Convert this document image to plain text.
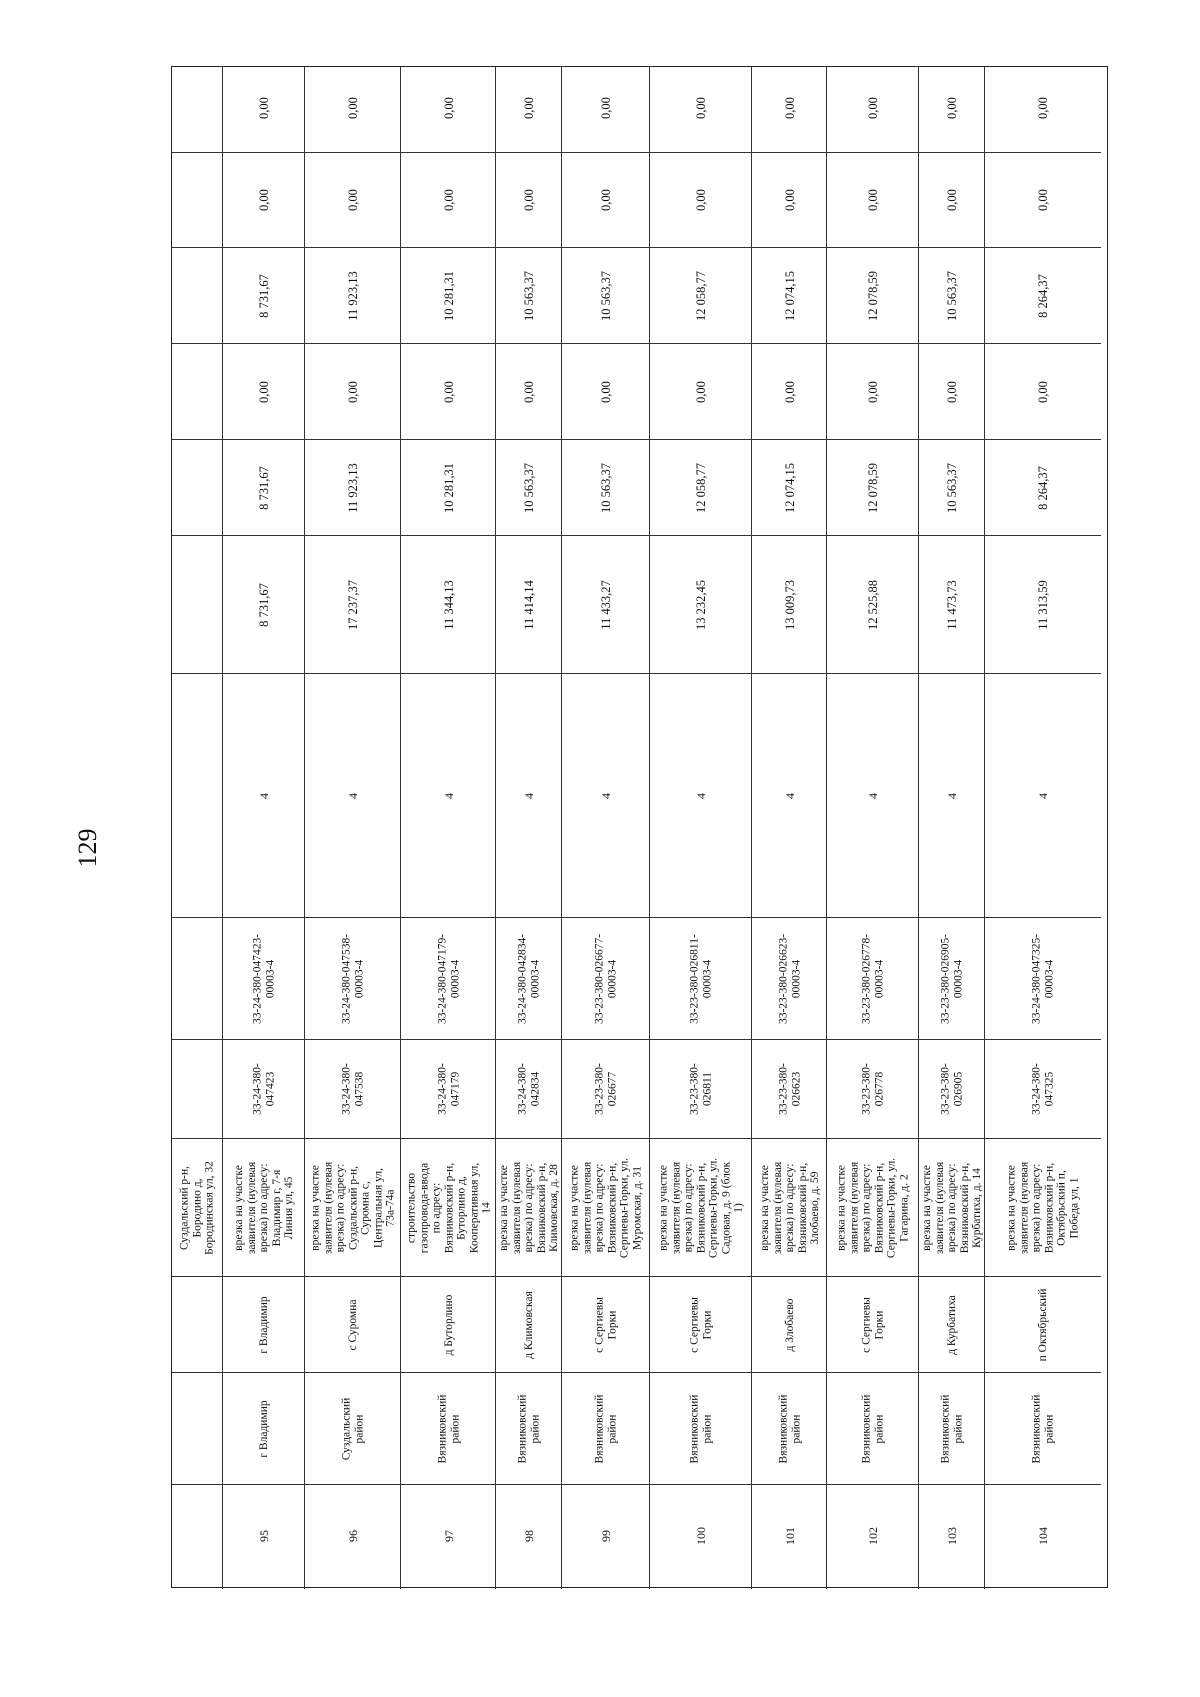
129
Суздальский р-н,
Бородино д,
Бородинская ул, 32
95
г Владимир
г Владимир
врезка на участке
заявителя (нулевая
врезка) по адресу:
Владимир г, 7-я
Линия ул, 45
33-24-380-
047423
33-24-380-047423-
00003-4
4
8 731,67
8 731,67
0,00
8 731,67
0,00
0,00
96
Суздальский
район
с Суромна
врезка на участке
заявителя (нулевая
врезка) по адресу:
Суздальский р-н,
Суромна с,
Центральная ул,
73а-74а
33-24-380-
047538
33-24-380-047538-
00003-4
4
17 237,37
11 923,13
0,00
11 923,13
0,00
0,00
97
Вязниковский
район
д Буторлино
строительство
газопровода-ввода
по адресу:
Вязниковский р-н,
Буторлино д,
Кооперативная ул,
14
33-24-380-
047179
33-24-380-047179-
00003-4
4
11 344,13
10 281,31
0,00
10 281,31
0,00
0,00
98
Вязниковский
район
д Климовская
врезка на участке
заявителя (нулевая
врезка) по адресу:
Вязниковский р-н,
Климовская, д. 28
33-24-380-
042834
33-24-380-042834-
00003-4
4
11 414,14
10 563,37
0,00
10 563,37
0,00
0,00
99
Вязниковский
район
с Сергиевы
Горки
врезка на участке
заявителя (нулевая
врезка) по адресу:
Вязниковский р-н,
Сергиевы-Горки, ул.
Муромская, д. 31
33-23-380-
026677
33-23-380-026677-
00003-4
4
11 433,27
10 563,37
0,00
10 563,37
0,00
0,00
100
Вязниковский
район
с Сергиевы
Горки
врезка на участке
заявителя (нулевая
врезка) по адресу:
Вязниковский р-н,
Сергиевы-Горки, ул.
Садовая, д. 9 (блок
1)
33-23-380-
026811
33-23-380-026811-
00003-4
4
13 232,45
12 058,77
0,00
12 058,77
0,00
0,00
101
Вязниковский
район
д Злобаево
врезка на участке
заявителя (нулевая
врезка) по адресу:
Вязниковский р-н,
Злобаево, д. 59
33-23-380-
026623
33-23-380-026623-
00003-4
4
13 009,73
12 074,15
0,00
12 074,15
0,00
0,00
102
Вязниковский
район
с Сергиевы
Горки
врезка на участке
заявителя (нулевая
врезка) по адресу:
Вязниковский р-н,
Сергиевы-Горки, ул.
Гагарина, д. 2
33-23-380-
026778
33-23-380-026778-
00003-4
4
12 525,88
12 078,59
0,00
12 078,59
0,00
0,00
103
Вязниковский
район
д Курбатиха
врезка на участке
заявителя (нулевая
врезка) по адресу:
Вязниковский р-н,
Курбатиха, д. 14
33-23-380-
026905
33-23-380-026905-
00003-4
4
11 473,73
10 563,37
0,00
10 563,37
0,00
0,00
104
Вязниковский
район
п Октябрьский
врезка на участке
заявителя (нулевая
врезка) по адресу:
Вязниковский р-н,
Октябрьский п,
Победа ул, 1
33-24-380-
047325
33-24-380-047325-
00003-4
4
11 313,59
8 264,37
0,00
8 264,37
0,00
0,00
